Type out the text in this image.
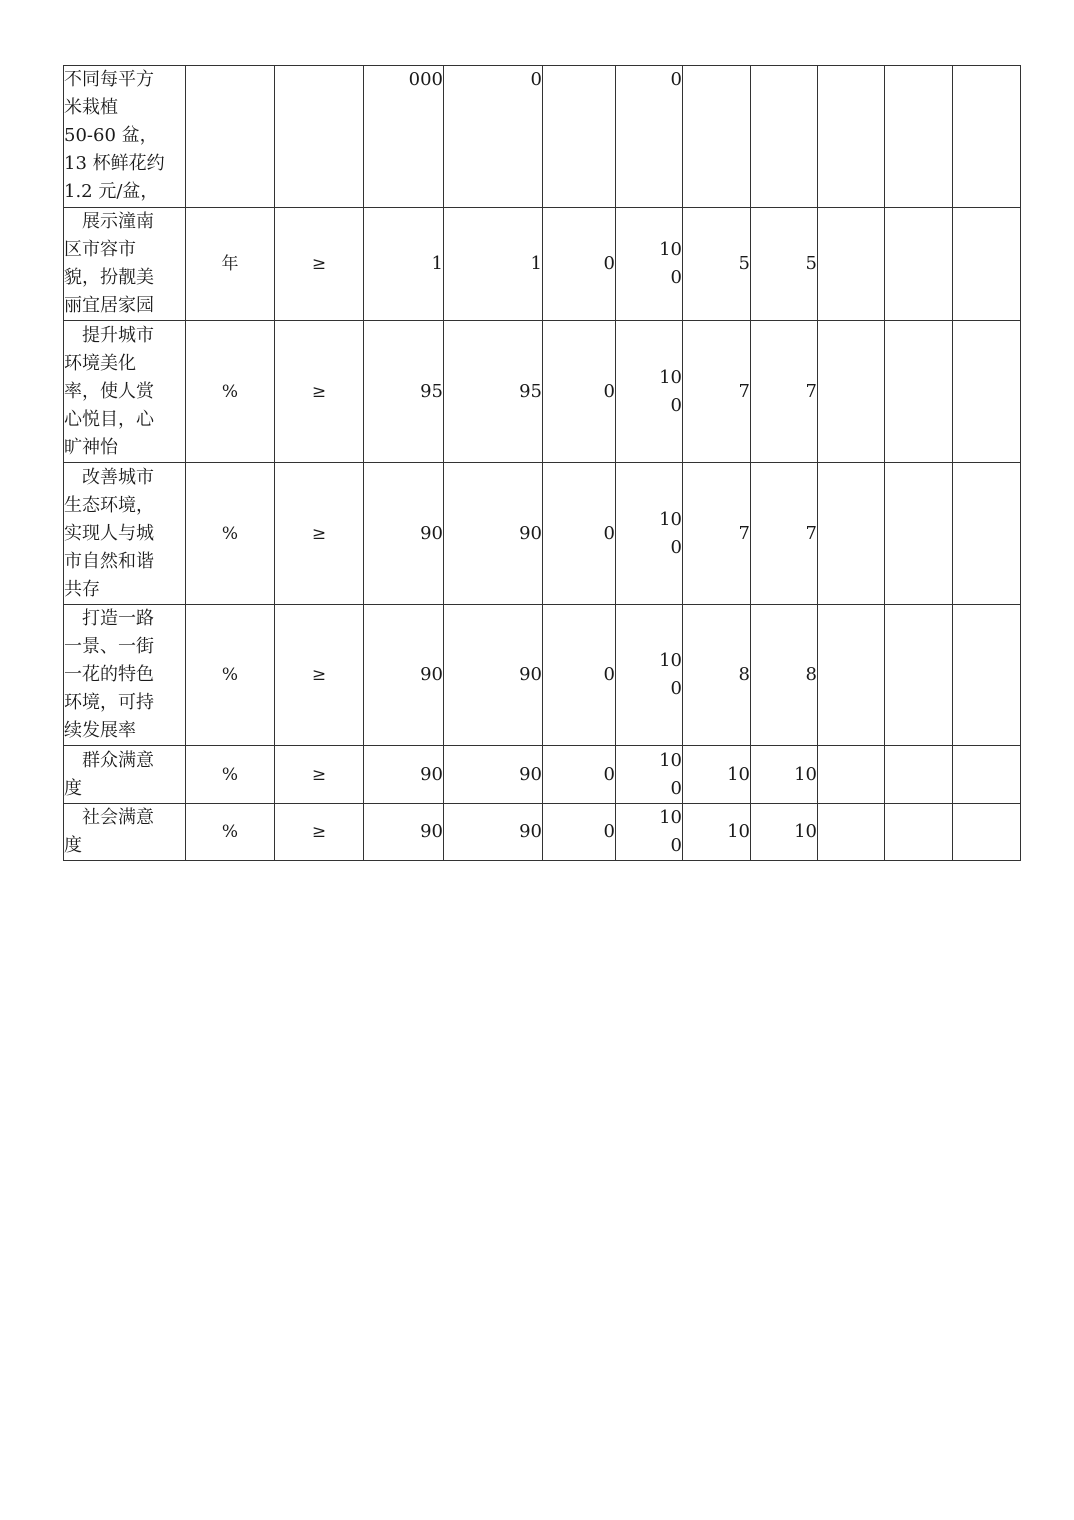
不同每平方
米栽植
50-60 盆，
13 杯鲜花约
1.2 元/盆，			000	0		0					

展示潼南
区市容市
貌，扮靓美
丽宜居家园	年	≥	1	1	0	10
0	5	5			

提升城市
环境美化
率，使人赏
心悦目，心
旷神怡	%	≥	95	95	0	10
0	7	7			

改善城市
生态环境，
实现人与城
市自然和谐
共存	%	≥	90	90	0	10
0	7	7			

打造一路
一景、一街
一花的特色
环境，可持
续发展率	%	≥	90	90	0	10
0	8	8			

群众满意
度	%	≥	90	90	0	10
0	10	10			

社会满意
度	%	≥	90	90	0	10
0	10	10			
